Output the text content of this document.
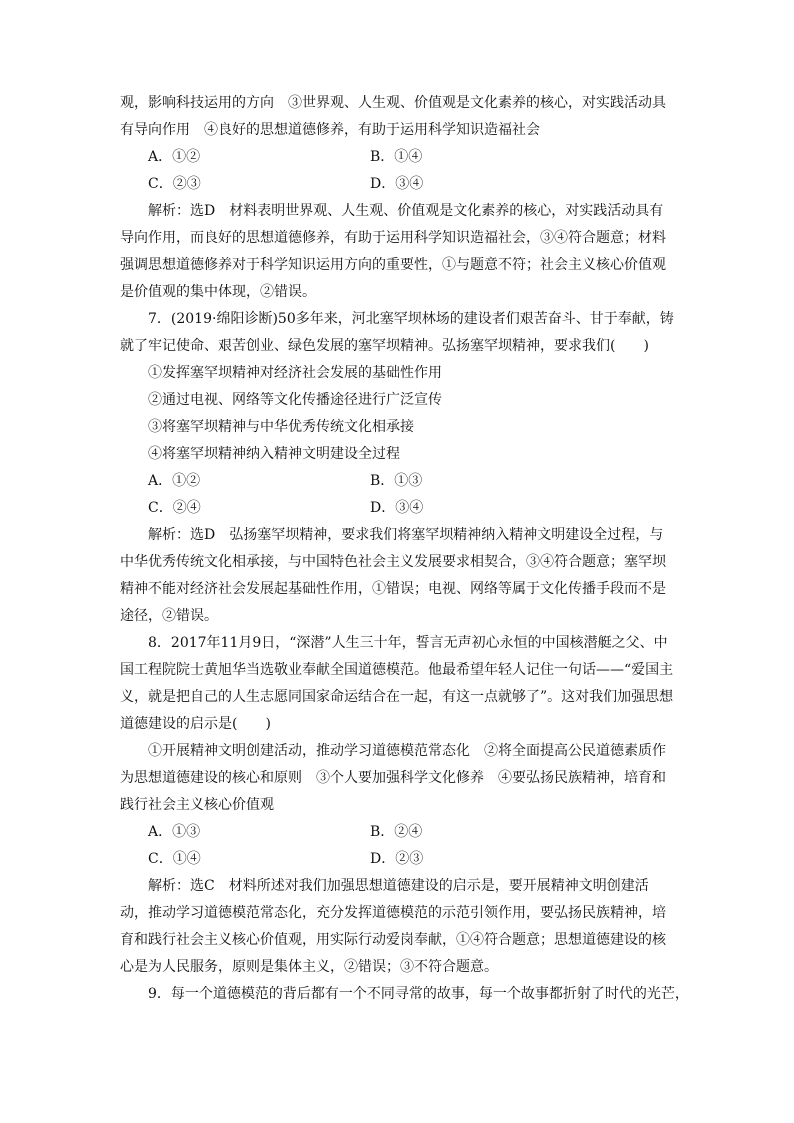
观，影响科技运用的方向　③世界观、人生观、价值观是文化素养的核心，对实践活动具有导向作用　④良好的思想道德修养，有助于运用科学知识造福社会

A．①②	B．①④
C．②③	D．③④

解析：选D　材料表明世界观、人生观、价值观是文化素养的核心，对实践活动具有导向作用，而良好的思想道德修养，有助于运用科学知识造福社会，③④符合题意；材料强调思想道德修养对于科学知识运用方向的重要性，①与题意不符；社会主义核心价值观是价值观的集中体现，②错误。

7．(2019·绵阳诊断)50多年来，河北塞罕坝林场的建设者们艰苦奋斗、甘于奉献，铸就了牢记使命、艰苦创业、绿色发展的塞罕坝精神。弘扬塞罕坝精神，要求我们(　　)

①发挥塞罕坝精神对经济社会发展的基础性作用

②通过电视、网络等文化传播途径进行广泛宣传

③将塞罕坝精神与中华优秀传统文化相承接

④将塞罕坝精神纳入精神文明建设全过程

A．①②	B．①③
C．②④	D．③④

解析：选D　弘扬塞罕坝精神，要求我们将塞罕坝精神纳入精神文明建设全过程，与中华优秀传统文化相承接，与中国特色社会主义发展要求相契合，③④符合题意；塞罕坝精神不能对经济社会发展起基础性作用，①错误；电视、网络等属于文化传播手段而不是途径，②错误。

8．2017年11月9日，“深潜”人生三十年，誓言无声初心永恒的中国核潜艇之父、中国工程院院士黄旭华当选敬业奉献全国道德模范。他最希望年轻人记住一句话——“爱国主义，就是把自己的人生志愿同国家命运结合在一起，有这一点就够了”。这对我们加强思想道德建设的启示是(　　)

①开展精神文明创建活动，推动学习道德模范常态化　②将全面提高公民道德素质作为思想道德建设的核心和原则　③个人要加强科学文化修养　④要弘扬民族精神，培育和践行社会主义核心价值观

A．①③	B．②④
C．①④	D．②③

解析：选C　材料所述对我们加强思想道德建设的启示是，要开展精神文明创建活动，推动学习道德模范常态化，充分发挥道德模范的示范引领作用，要弘扬民族精神，培育和践行社会主义核心价值观，用实际行动爱岗奉献，①④符合题意；思想道德建设的核心是为人民服务，原则是集体主义，②错误；③不符合题意。

9．每一个道德模范的背后都有一个不同寻常的故事，每一个故事都折射了时代的光芒，
